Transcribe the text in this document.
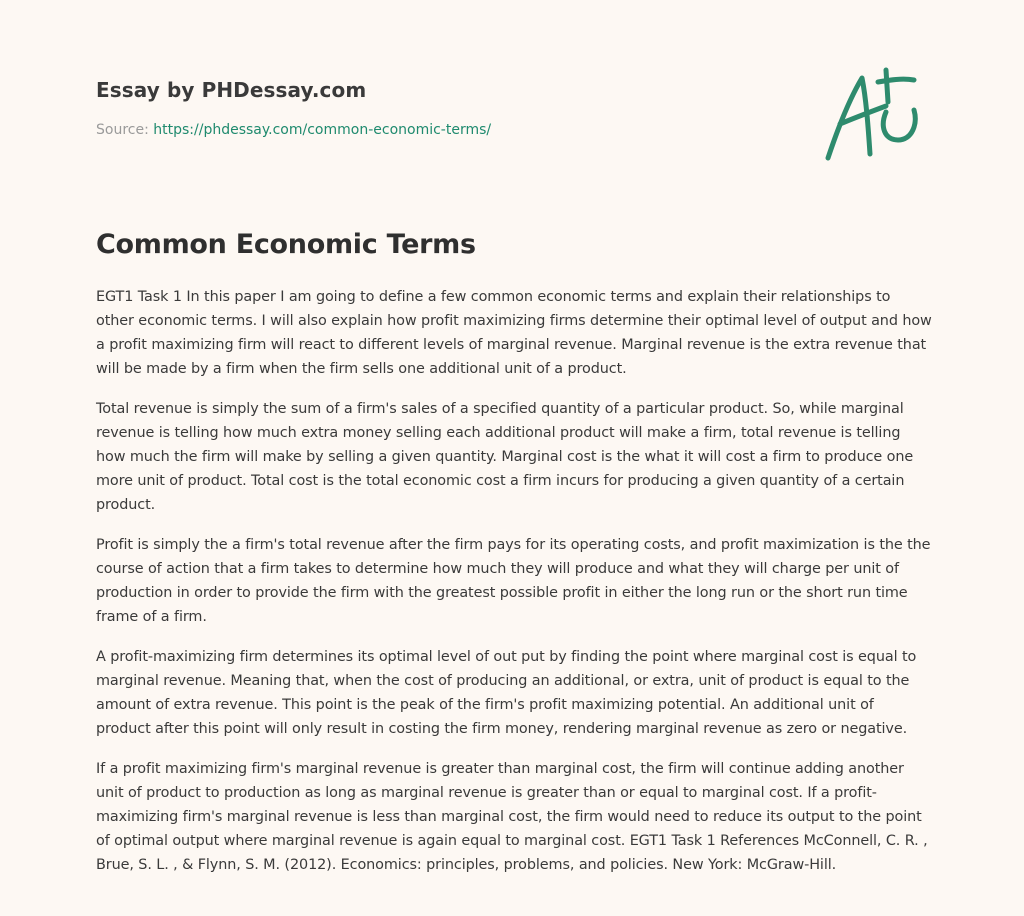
Essay by PHDessay.com
Source: https://phdessay.com/common-economic-terms/
Common Economic Terms

EGT1 Task 1 In this paper I am going to define a few common economic terms and explain their relationships to other economic terms. I will also explain how profit maximizing firms determine their optimal level of output and how a profit maximizing firm will react to different levels of marginal revenue. Marginal revenue is the extra revenue that will be made by a firm when the firm sells one additional unit of a product.

Total revenue is simply the sum of a firm's sales of a specified quantity of a particular product. So, while marginal revenue is telling how much extra money selling each additional product will make a firm, total revenue is telling how much the firm will make by selling a given quantity. Marginal cost is the what it will cost a firm to produce one more unit of product. Total cost is the total economic cost a firm incurs for producing a given quantity of a certain product.

Profit is simply the a firm's total revenue after the firm pays for its operating costs, and profit maximization is the the course of action that a firm takes to determine how much they will produce and what they will charge per unit of production in order to provide the firm with the greatest possible profit in either the long run or the short run time frame of a firm.

A profit-maximizing firm determines its optimal level of out put by finding the point where marginal cost is equal to marginal revenue. Meaning that, when the cost of producing an additional, or extra, unit of product is equal to the amount of extra revenue. This point is the peak of the firm's profit maximizing potential. An additional unit of product after this point will only result in costing the firm money, rendering marginal revenue as zero or negative.

If a profit maximizing firm's marginal revenue is greater than marginal cost, the firm will continue adding another unit of product to production as long as marginal revenue is greater than or equal to marginal cost. If a profit-maximizing firm's marginal revenue is less than marginal cost, the firm would need to reduce its output to the point of optimal output where marginal revenue is again equal to marginal cost. EGT1 Task 1 References McConnell, C. R. , Brue, S. L. , & Flynn, S. M. (2012). Economics: principles, problems, and policies. New York: McGraw-Hill.
